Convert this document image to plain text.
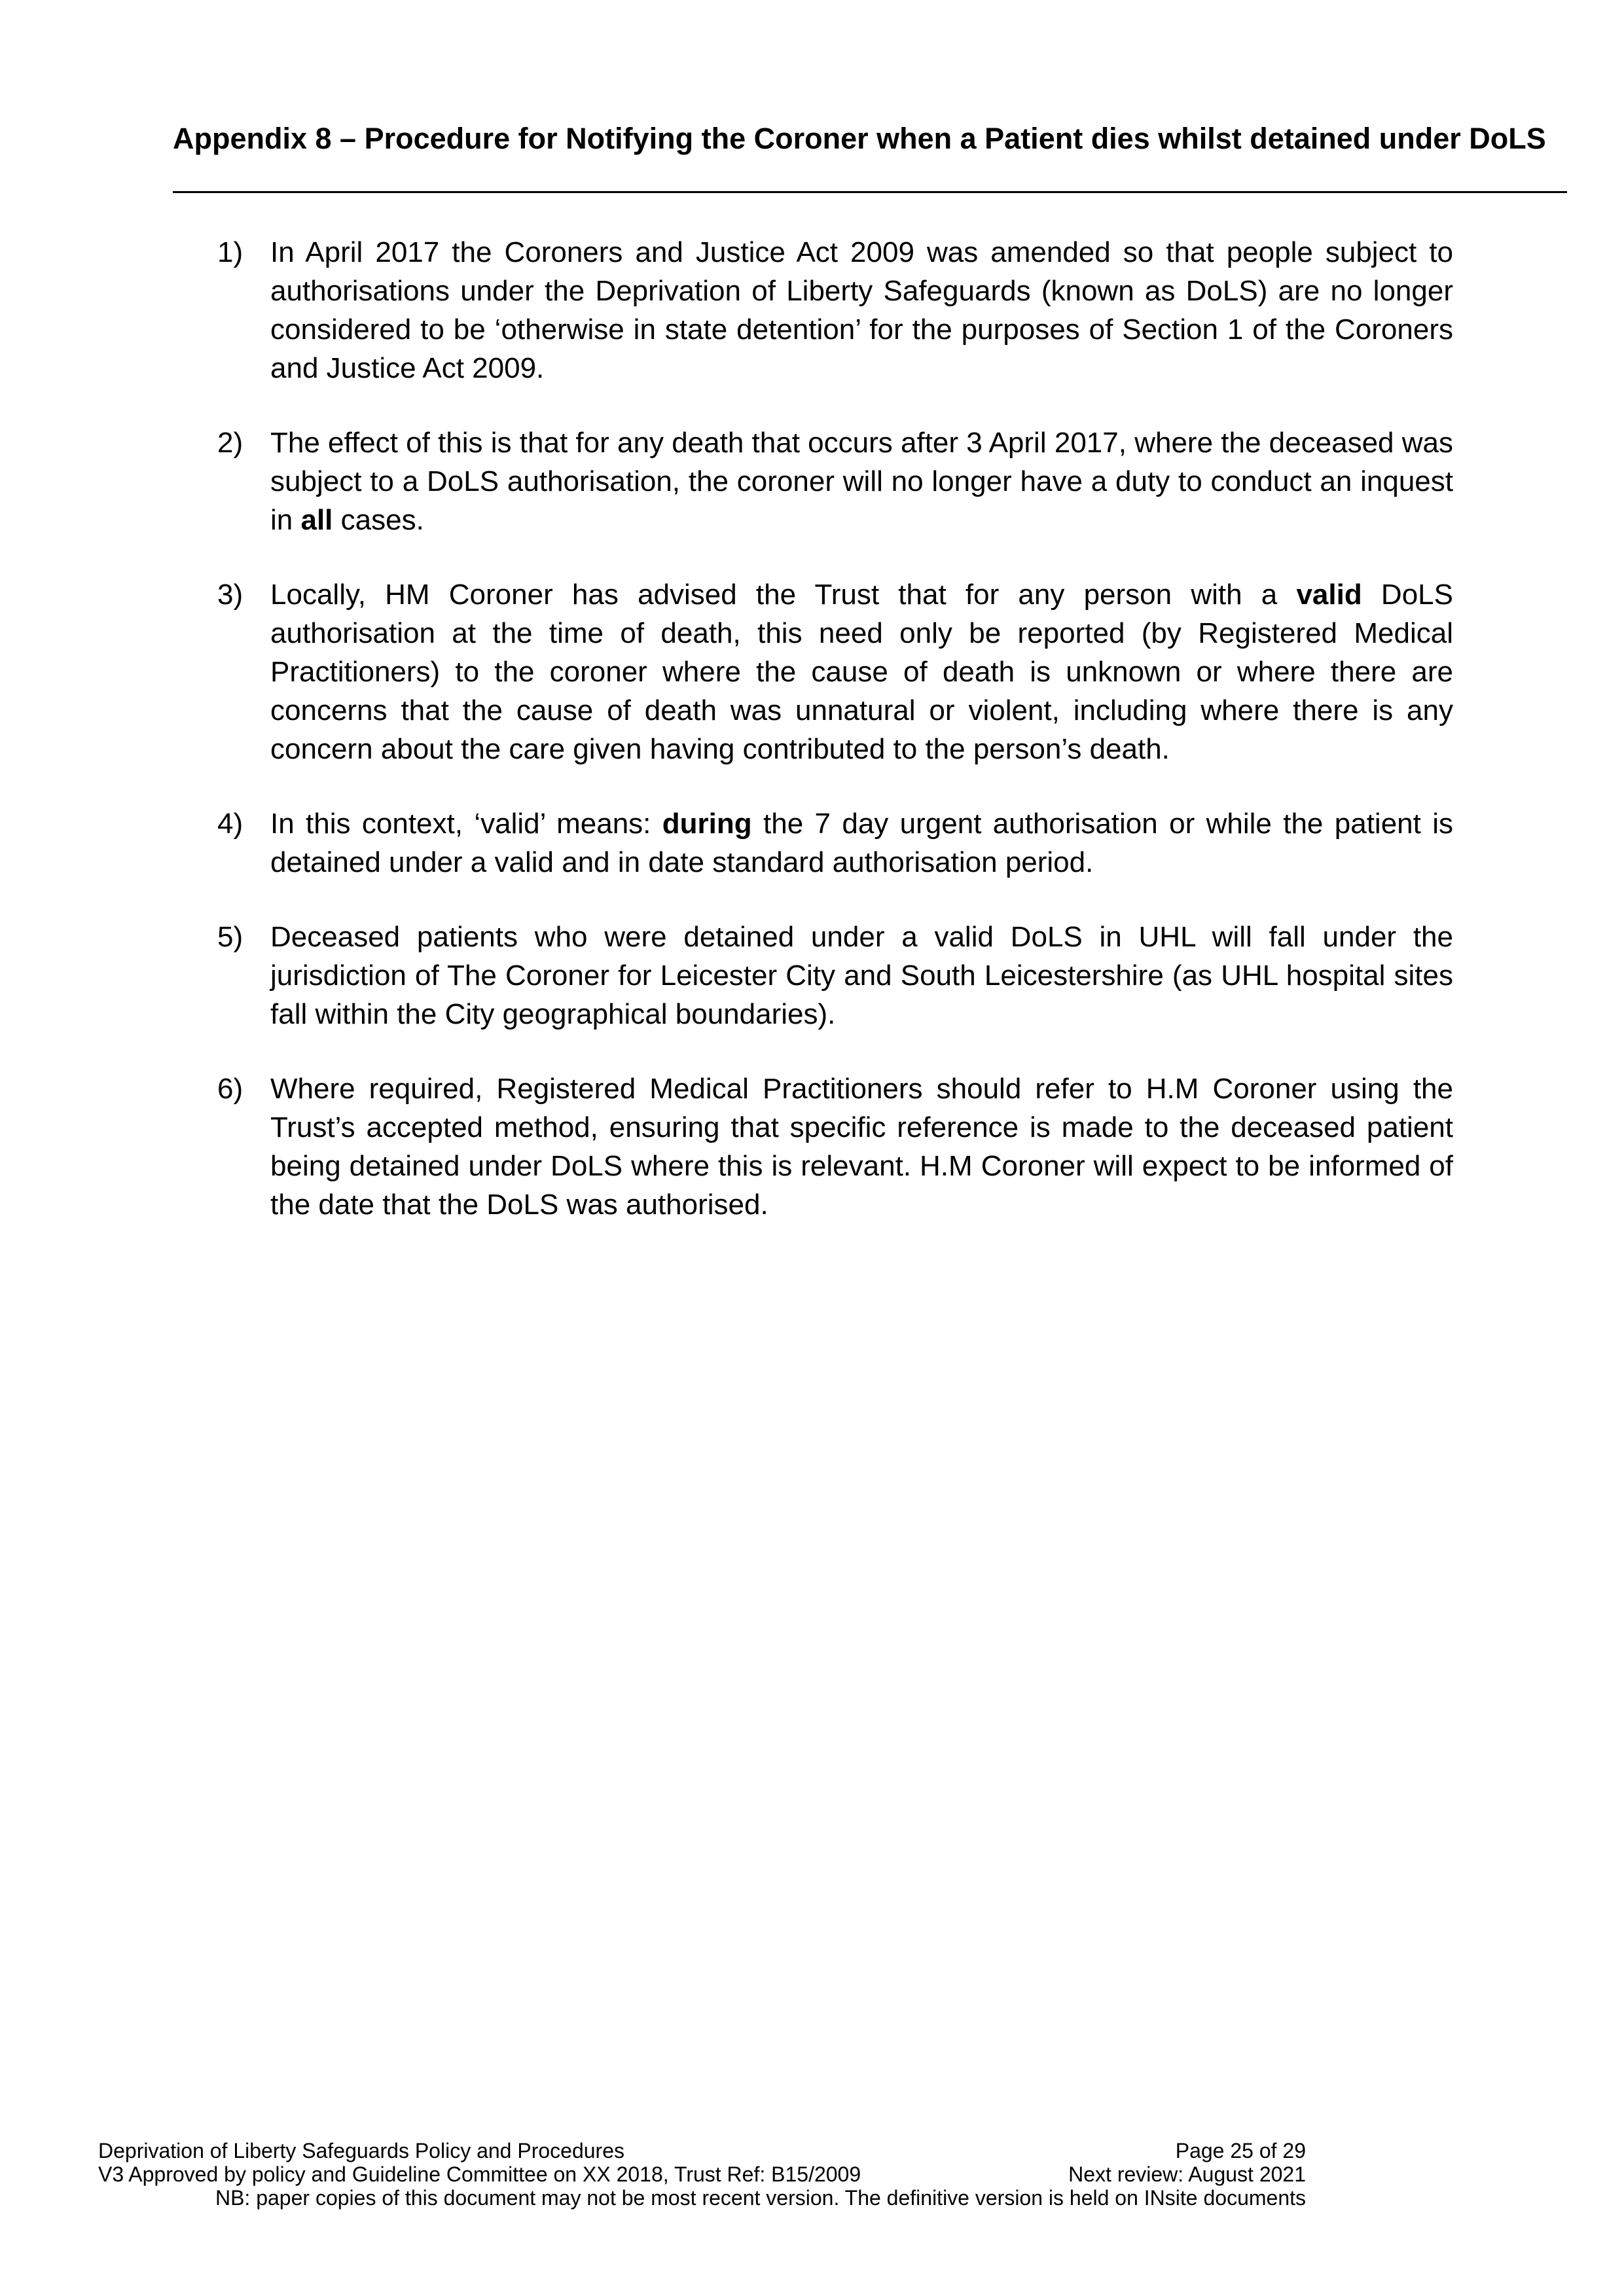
Appendix 8 – Procedure for Notifying the Coroner when a Patient dies whilst detained under DoLS
1) In April 2017 the Coroners and Justice Act 2009 was amended so that people subject to authorisations under the Deprivation of Liberty Safeguards (known as DoLS) are no longer considered to be ‘otherwise in state detention’ for the purposes of Section 1 of the Coroners and Justice Act 2009.
2) The effect of this is that for any death that occurs after 3 April 2017, where the deceased was subject to a DoLS authorisation, the coroner will no longer have a duty to conduct an inquest in all cases.
3) Locally, HM Coroner has advised the Trust that for any person with a valid DoLS authorisation at the time of death, this need only be reported (by Registered Medical Practitioners) to the coroner where the cause of death is unknown or where there are concerns that the cause of death was unnatural or violent, including where there is any concern about the care given having contributed to the person’s death.
4) In this context, ‘valid’ means: during the 7 day urgent authorisation or while the patient is detained under a valid and in date standard authorisation period.
5) Deceased patients who were detained under a valid DoLS in UHL will fall under the jurisdiction of The Coroner for Leicester City and South Leicestershire (as UHL hospital sites fall within the City geographical boundaries).
6) Where required, Registered Medical Practitioners should refer to H.M Coroner using the Trust’s accepted method, ensuring that specific reference is made to the deceased patient being detained under DoLS where this is relevant. H.M Coroner will expect to be informed of the date that the DoLS was authorised.
Deprivation of Liberty Safeguards Policy and Procedures	Page 25 of 29
V3 Approved by policy and Guideline Committee on XX 2018, Trust Ref: B15/2009	Next review: August 2021
NB: paper copies of this document may not be most recent version. The definitive version is held on INsite documents
